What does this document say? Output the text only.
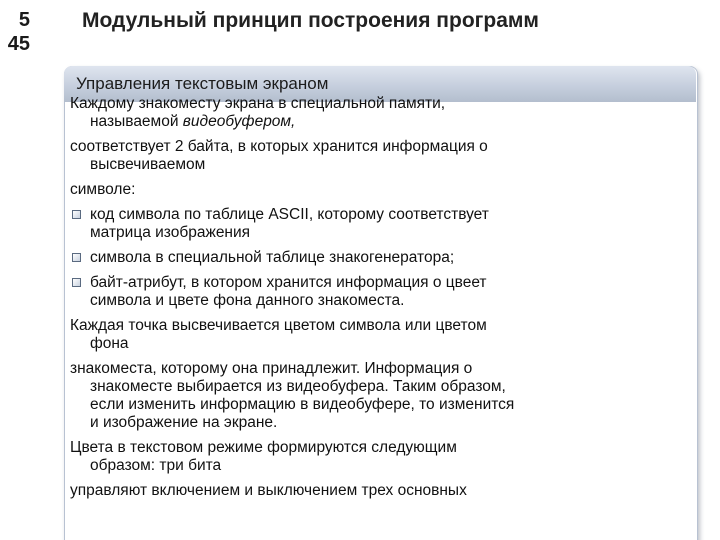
5
45
Модульный принцип построения программ
Управления текстовым экраном
Каждому знакоместу экрана в специальной памяти,
называемой видеобуфером,
соответствует 2 байта, в которых хранится информация о
высвечиваемом
символе:
код символа по таблице ASCII, которому соответствует
матрица изображения
символа в специальной таблице знакогенератора;
байт-атрибут, в котором хранится информация о цвеет
символа и цвете фона данного знакоместа.
Каждая точка высвечивается цветом символа или цветом
фона
знакоместа, которому она принадлежит. Информация о
знакоместе выбирается из видеобуфера. Таким образом,
если изменить информацию в видеобуфере, то изменится
и изображение на экране.
Цвета в текстовом режиме формируются следующим
образом: три бита
управляют включением и выключением трех основных
